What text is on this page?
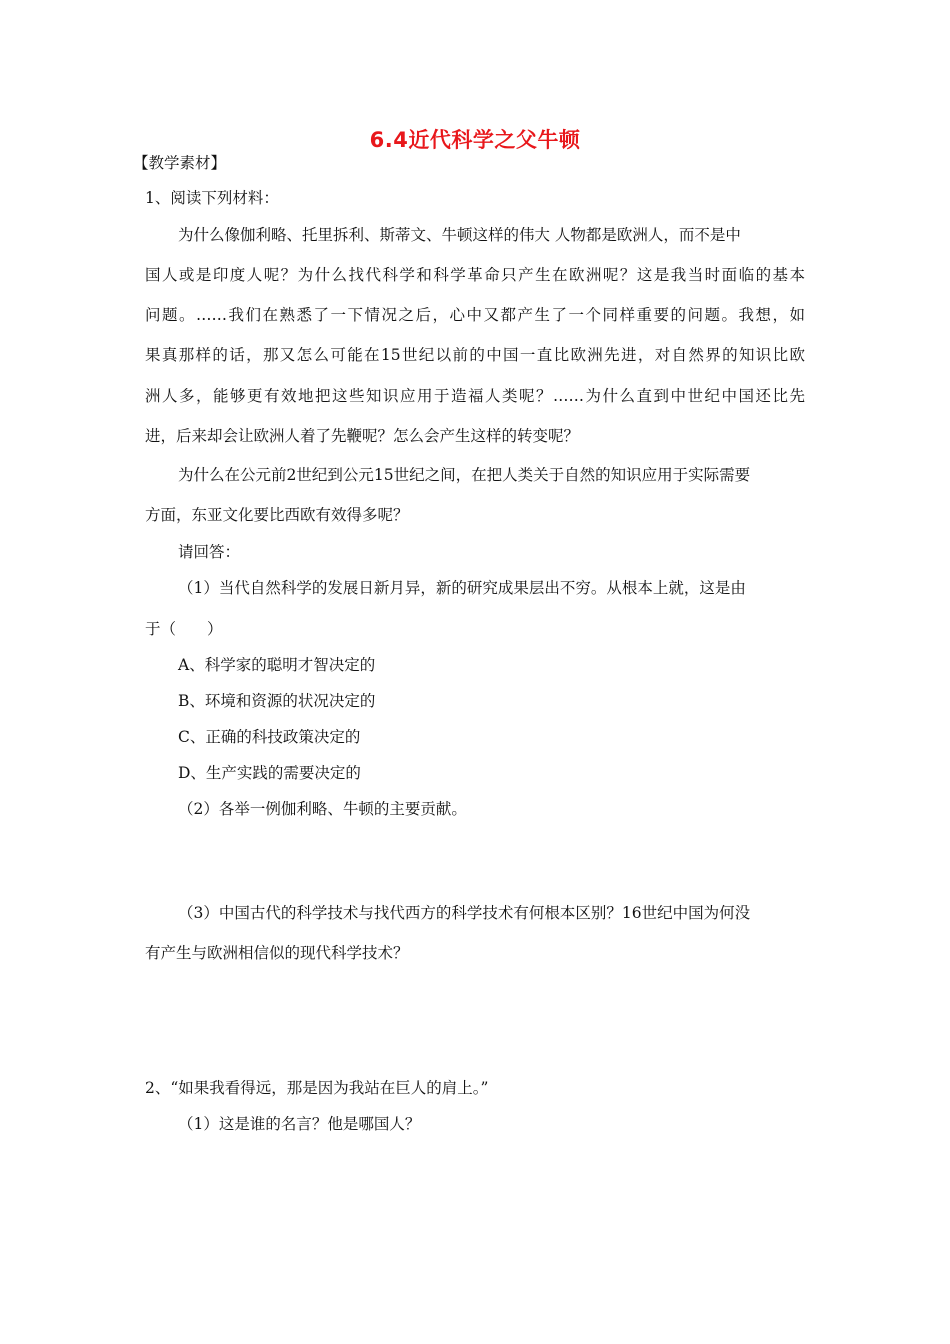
6.4近代科学之父牛顿
【教学素材】
1、阅读下列材料：
为什么像伽利略、托里拆利、斯蒂文、牛顿这样的伟大 人物都是欧洲人，而不是中
国人或是印度人呢？为什么找代科学和科学革命只产生在欧洲呢？这是我当时面临的基本
问题。……我们在熟悉了一下情况之后，心中又都产生了一个同样重要的问题。我想，如
果真那样的话，那又怎么可能在15世纪以前的中国一直比欧洲先进，对自然界的知识比欧
洲人多，能够更有效地把这些知识应用于造福人类呢？……为什么直到中世纪中国还比先
进，后来却会让欧洲人着了先鞭呢？怎么会产生这样的转变呢？
为什么在公元前2世纪到公元15世纪之间，在把人类关于自然的知识应用于实际需要
方面，东亚文化要比西欧有效得多呢？
请回答：
（1）当代自然科学的发展日新月异，新的研究成果层出不穷。从根本上就，这是由
于（　　）
A、科学家的聪明才智决定的
B、环境和资源的状况决定的
C、正确的科技政策决定的
D、生产实践的需要决定的
（2）各举一例伽利略、牛顿的主要贡献。
（3）中国古代的科学技术与找代西方的科学技术有何根本区别？16世纪中国为何没
有产生与欧洲相信似的现代科学技术？
2、“如果我看得远，那是因为我站在巨人的肩上。”
（1）这是谁的名言？他是哪国人？
